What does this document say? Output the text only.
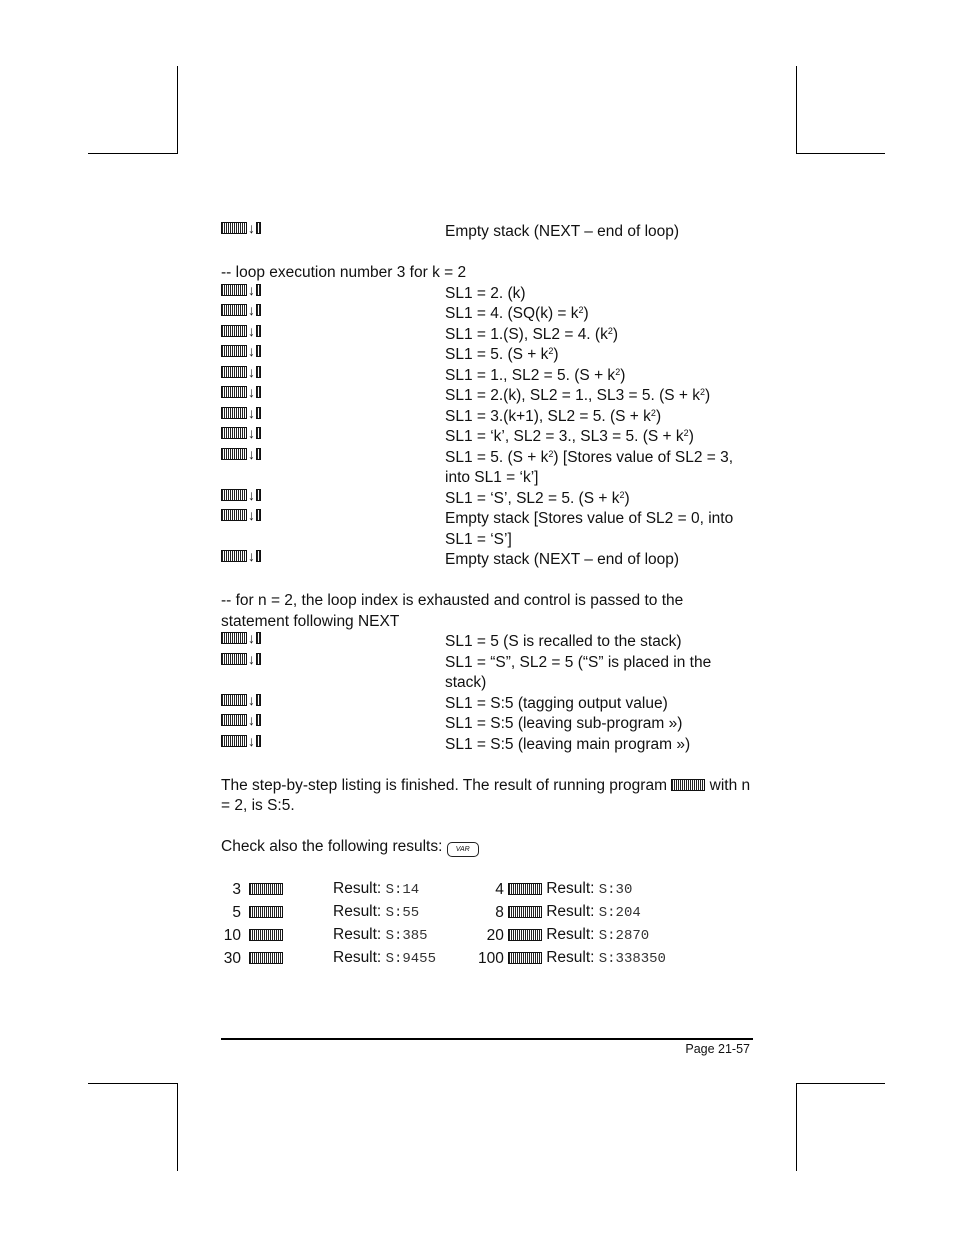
↓	Empty stack (NEXT – end of loop)
-- loop execution number 3 for k = 2
↓	SL1 = 2. (k)
↓	SL1 = 4. $(SQ(k) = k^2)$
↓	SL1 = 1.(S), SL2 = 4. $(k^2)$
↓	SL1 = 5. $(S + k^2)$
↓	SL1 = 1., SL2 = 5. $(S + k^2)$
↓	SL1 = 2.(k), SL2 = 1., SL3 = 5. $(S + k^2)$
↓	SL1 = 3.(k+1), SL2 = 5. $(S + k^2)$
↓	SL1 = ‘k’, SL2 = 3., SL3 = 5. $(S + k^2)$
↓	SL1 = 5. $(S + k^2)$ [Stores value of SL2 = 3,
into SL1 = ‘k’]
↓	SL1 = ‘S’, SL2 = 5. $(S + k^2)$
↓	Empty stack [Stores value of SL2 = 0, into
SL1 = ‘S’]
↓	Empty stack (NEXT – end of loop)
-- for n = 2, the loop index is exhausted and control is passed to the statement following NEXT
↓	SL1 = 5 (S is recalled to the stack)
↓	SL1 = “S”, SL2 = 5 (“S” is placed in the
stack)
↓	SL1 = S:5 (tagging output value)
↓	SL1 = S:5 (leaving sub-program »)
↓	SL1 = S:5 (leaving main program »)
The step-by-step listing is finished. The result of running program	with n = 2, is S:5.
Check also the following results: VAR
3		Result: S:14	4		Result: S:30
5		Result: S:55	8		Result: S:204
10		Result: S:385	20		Result: S:2870
30		Result: S:9455	100		Result: S:338350
Page 21-57
